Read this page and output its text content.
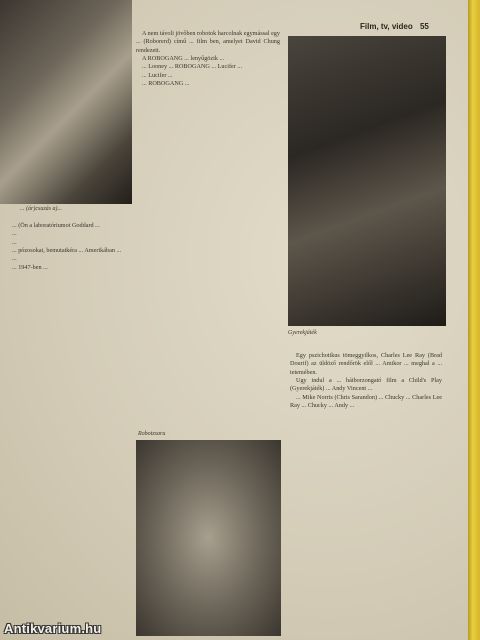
... (ár)csuzás a)...
Film, tv, video 55

... (Ön a laboratóriumot Goddard ...

...

...

... pózosokat, bemutatkéra ... Amerikában ...

...

... 1947-ben ...

A nem távoli jövőben robotok harcolnak egymással egy ... (Roborerd) című ... film ben, amelyet David Chung rendezett.

A ROBOGANG ... lenyűgözik ...

... Looney ... ROBOGANG ... Lucifer ...

... Lucifer ...

... ROBOGANG ...

Gyerekjáték

Egy pszichotikus tömeggyilkos, Charles Lee Ray (Brad Dourif) az üldöző rendőrök elől ... Amikor ... meghal a ... tetemében.

Ugy indul a ... hátborzongató film a Child's Play (Gyerekjáték) ... Andy Vincent ...

... Mike Norris (Chris Sarandon) ... Chucky ... Charles Lee Ray ... Chucky ... Andy ...

Robotzsaru
Antikvarium.hu
